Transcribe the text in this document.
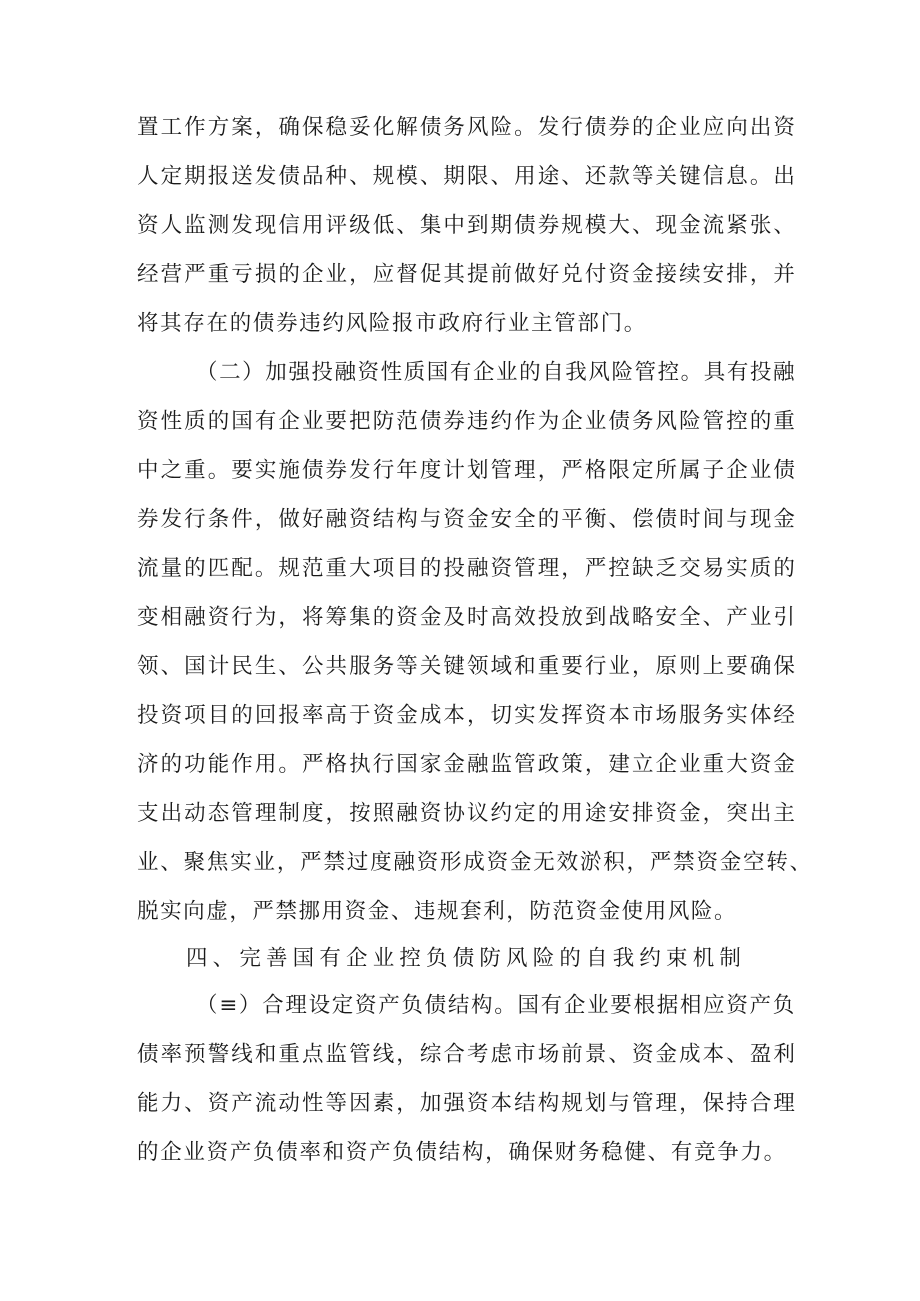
置工作方案，确保稳妥化解债务风险。发行债券的企业应向出资
人定期报送发债品种、规模、期限、用途、还款等关键信息。出
资人监测发现信用评级低、集中到期债券规模大、现金流紧张、
经营严重亏损的企业，应督促其提前做好兑付资金接续安排，并
将其存在的债券违约风险报市政府行业主管部门。
（二）加强投融资性质国有企业的自我风险管控。具有投融
资性质的国有企业要把防范债券违约作为企业债务风险管控的重
中之重。要实施债券发行年度计划管理，严格限定所属子企业债
券发行条件，做好融资结构与资金安全的平衡、偿债时间与现金
流量的匹配。规范重大项目的投融资管理，严控缺乏交易实质的
变相融资行为，将筹集的资金及时高效投放到战略安全、产业引
领、国计民生、公共服务等关键领域和重要行业，原则上要确保
投资项目的回报率高于资金成本，切实发挥资本市场服务实体经
济的功能作用。严格执行国家金融监管政策，建立企业重大资金
支出动态管理制度，按照融资协议约定的用途安排资金，突出主
业、聚焦实业，严禁过度融资形成资金无效淤积，严禁资金空转、
脱实向虚，严禁挪用资金、违规套利，防范资金使用风险。
四、完善国有企业控负债防风险的自我约束机制
（≡）合理设定资产负债结构。国有企业要根据相应资产负
债率预警线和重点监管线，综合考虑市场前景、资金成本、盈利
能力、资产流动性等因素，加强资本结构规划与管理，保持合理
的企业资产负债率和资产负债结构，确保财务稳健、有竞争力。
